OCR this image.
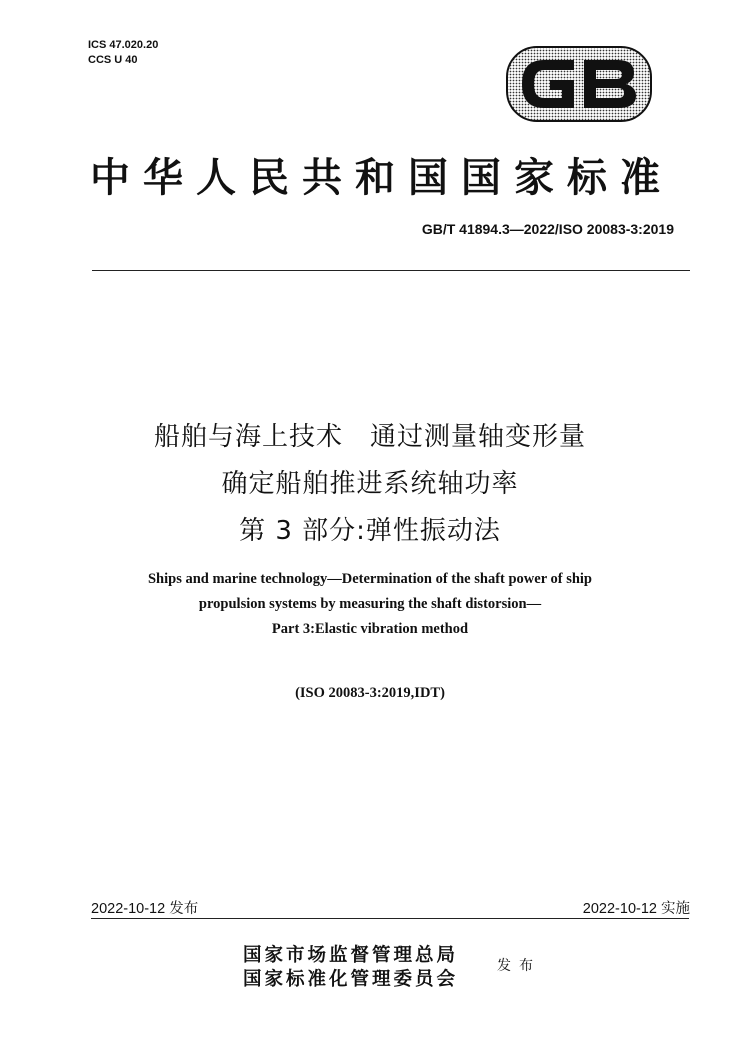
ICS 47.020.20
CCS U 40
中华人民共和国国家标准
GB/T 41894.3—2022/ISO 20083-3:2019
船舶与海上技术　通过测量轴变形量
确定船舶推进系统轴功率
第 3 部分:弹性振动法
Ships and marine technology—Determination of the shaft power of ship
propulsion systems by measuring the shaft distorsion—
Part 3:Elastic vibration method
(ISO 20083-3:2019,IDT)
2022-10-12 发布	2022-10-12 实施
国家市场监督管理总局
国家标准化管理委员会
发布
